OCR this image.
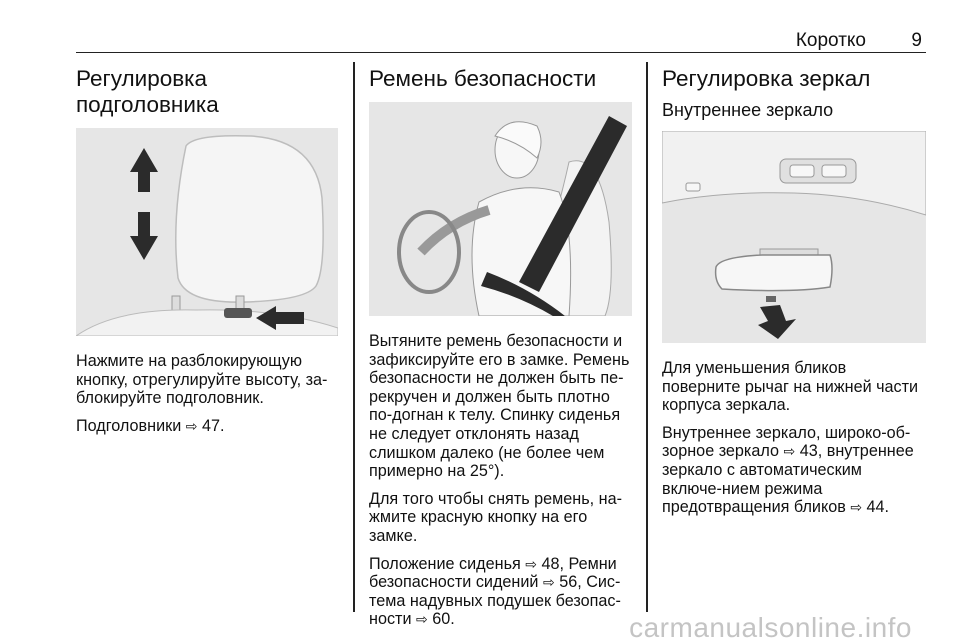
Коротко 9
Регулировка
подголовника

Нажмите на разблокирующую кнопку, отрегулируйте высоту, за-блокируйте подголовник.

Подголовники ⇨ 47.

Ремень безопасности

Вытяните ремень безопасности и зафиксируйте его в замке. Ремень безопасности не должен быть пе-рекручен и должен быть плотно по-догнан к телу. Спинку сиденья не следует отклонять назад слишком далеко (не более чем примерно на 25°).

Для того чтобы снять ремень, на-жмите красную кнопку на его замке.

Положение сиденья ⇨ 48, Ремни безопасности сидений ⇨ 56, Сис-тема надувных подушек безопас-ности ⇨ 60.

Регулировка зеркал
Внутреннее зеркало

Для уменьшения бликов поверните рычаг на нижней части корпуса зеркала.

Внутреннее зеркало, широко-об-зорное зеркало ⇨ 43, внутреннее зеркало с автоматическим включе-нием режима предотвращения бликов ⇨ 44.

carmanualsonline.info
